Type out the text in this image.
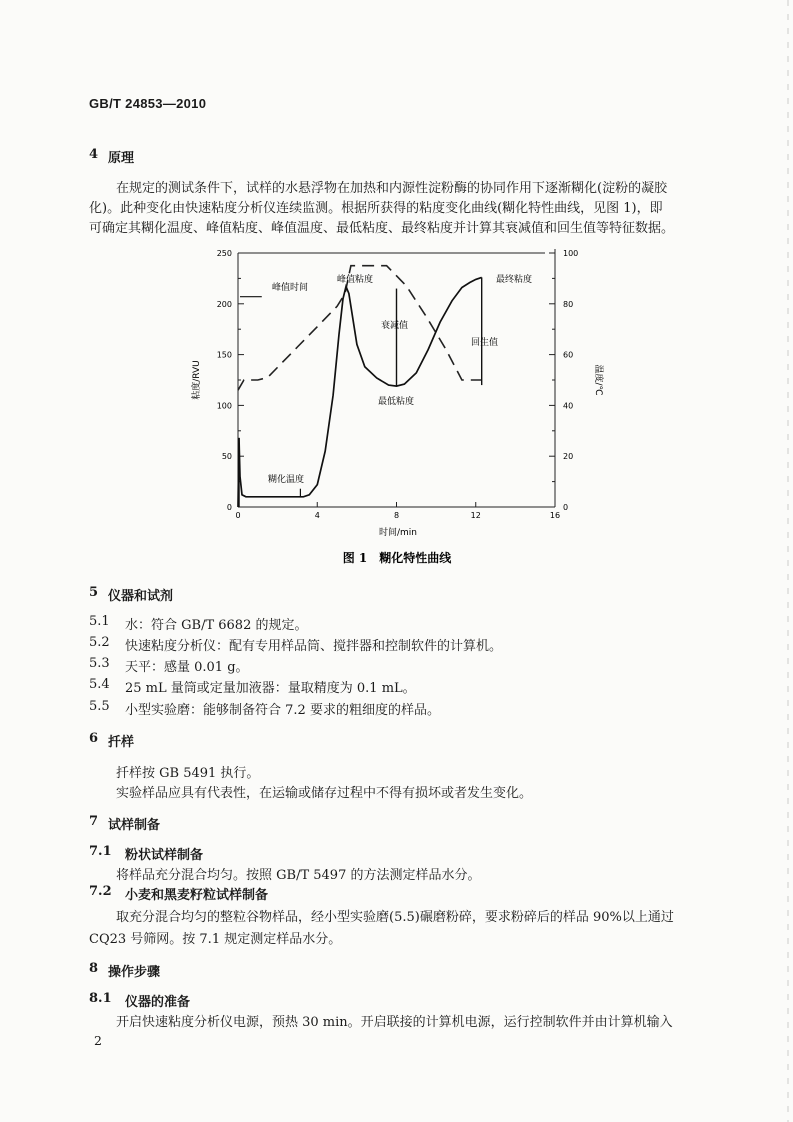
GB/T 24853—2010
4 原理
在规定的测试条件下，试样的水悬浮物在加热和内源性淀粉酶的协同作用下逐渐糊化(淀粉的凝胶
化)。此种变化由快速粘度分析仪连续监测。根据所获得的粘度变化曲线(糊化特性曲线，见图 1)，即
可确定其糊化温度、峰值粘度、峰值温度、最低粘度、最终粘度并计算其衰减值和回生值等特征数据。
0
50
100
150
200
250
0
20
40
60
80
100
0	4	8	12	16
粘度/RVU	温度/℃
时间/min
峰值时间
峰值粘度	最终粘度
衰减值
回生值
最低粘度
糊化温度
图 1　糊化特性曲线
5 仪器和试剂
5.1 水：符合 GB/T 6682 的规定。
5.2 快速粘度分析仪：配有专用样品筒、搅拌器和控制软件的计算机。
5.3 天平：感量 0.01 g。
5.4 25 mL 量筒或定量加液器：量取精度为 0.1 mL。
5.5 小型实验磨：能够制备符合 7.2 要求的粗细度的样品。
6 扦样
扦样按 GB 5491 执行。
实验样品应具有代表性，在运输或储存过程中不得有损坏或者发生变化。
7 试样制备
7.1 粉状试样制备
将样品充分混合均匀。按照 GB/T 5497 的方法测定样品水分。
7.2 小麦和黑麦籽粒试样制备
取充分混合均匀的整粒谷物样品，经小型实验磨(5.5)碾磨粉碎，要求粉碎后的样品 90%以上通过
CQ23 号筛网。按 7.1 规定测定样品水分。
8 操作步骤
8.1 仪器的准备
开启快速粘度分析仪电源，预热 30 min。开启联接的计算机电源，运行控制软件并由计算机输入
2
